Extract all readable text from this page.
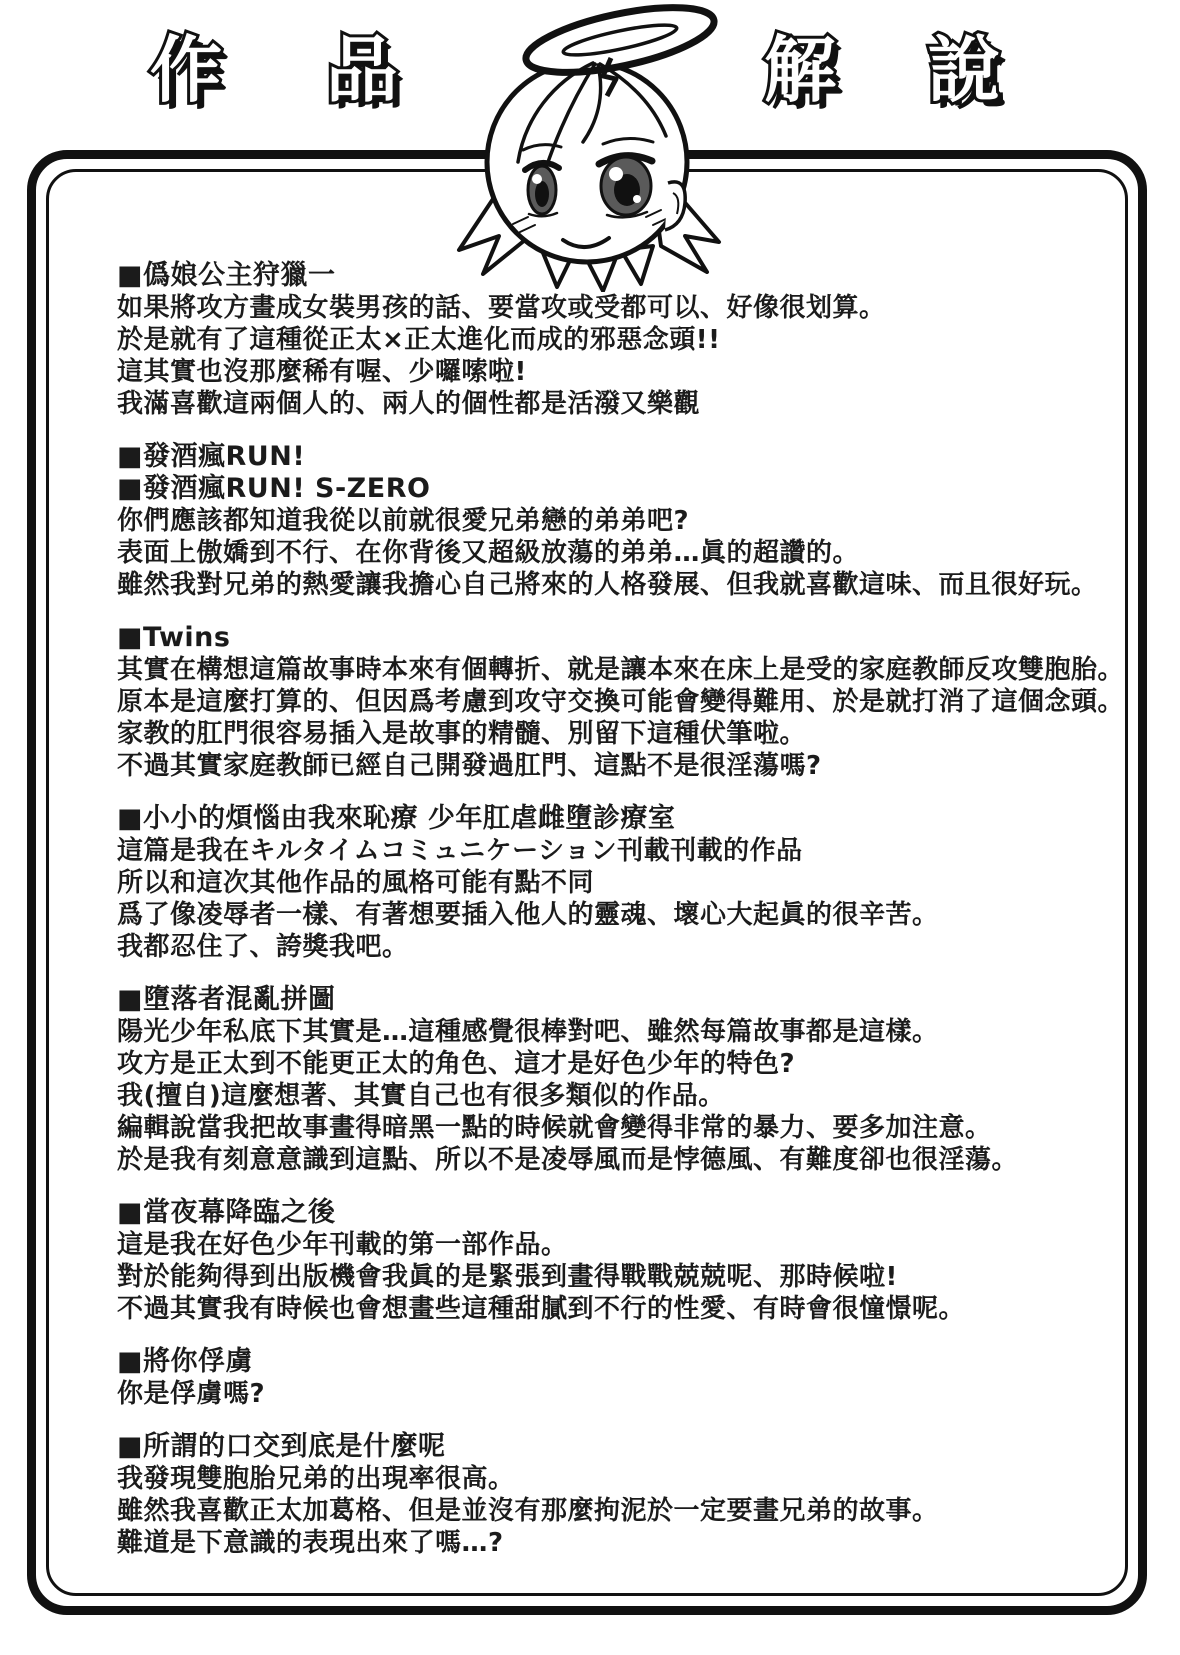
作 品	解 說
■僞娘公主狩獵一
如果將攻方畫成女裝男孩的話、要當攻或受都可以、好像很划算。
於是就有了這種從正太×正太進化而成的邪惡念頭!!
這其實也沒那麼稀有喔、少囉嗦啦!
我滿喜歡這兩個人的、兩人的個性都是活潑又樂觀
■發酒瘋RUN!
■發酒瘋RUN! S-ZERO
你們應該都知道我從以前就很愛兄弟戀的弟弟吧?
表面上傲嬌到不行、在你背後又超級放蕩的弟弟…眞的超讚的。
雖然我對兄弟的熱愛讓我擔心自己將來的人格發展、但我就喜歡這味、而且很好玩。
■Twins
其實在構想這篇故事時本來有個轉折、就是讓本來在床上是受的家庭教師反攻雙胞胎。
原本是這麼打算的、但因爲考慮到攻守交換可能會變得難用、於是就打消了這個念頭。
家教的肛門很容易插入是故事的精髓、別留下這種伏筆啦。
不過其實家庭教師已經自己開發過肛門、這點不是很淫蕩嗎?
■小小的煩惱由我來恥療 少年肛虐雌墮診療室
這篇是我在キルタイムコミュニケーション刊載刊載的作品
所以和這次其他作品的風格可能有點不同
爲了像凌辱者一樣、有著想要插入他人的靈魂、壞心大起眞的很辛苦。
我都忍住了、誇獎我吧。
■墮落者混亂拼圖
陽光少年私底下其實是…這種感覺很棒對吧、雖然每篇故事都是這樣。
攻方是正太到不能更正太的角色、這才是好色少年的特色?
我(擅自)這麼想著、其實自己也有很多類似的作品。
編輯說當我把故事畫得暗黑一點的時候就會變得非常的暴力、要多加注意。
於是我有刻意意識到這點、所以不是凌辱風而是悖德風、有難度卻也很淫蕩。
■當夜幕降臨之後
這是我在好色少年刊載的第一部作品。
對於能夠得到出版機會我眞的是緊張到畫得戰戰兢兢呢、那時候啦!
不過其實我有時候也會想畫些這種甜膩到不行的性愛、有時會很憧憬呢。
■將你俘虜
你是俘虜嗎?
■所謂的口交到底是什麼呢
我發現雙胞胎兄弟的出現率很高。
雖然我喜歡正太加葛格、但是並沒有那麼拘泥於一定要畫兄弟的故事。
難道是下意識的表現出來了嗎…?
